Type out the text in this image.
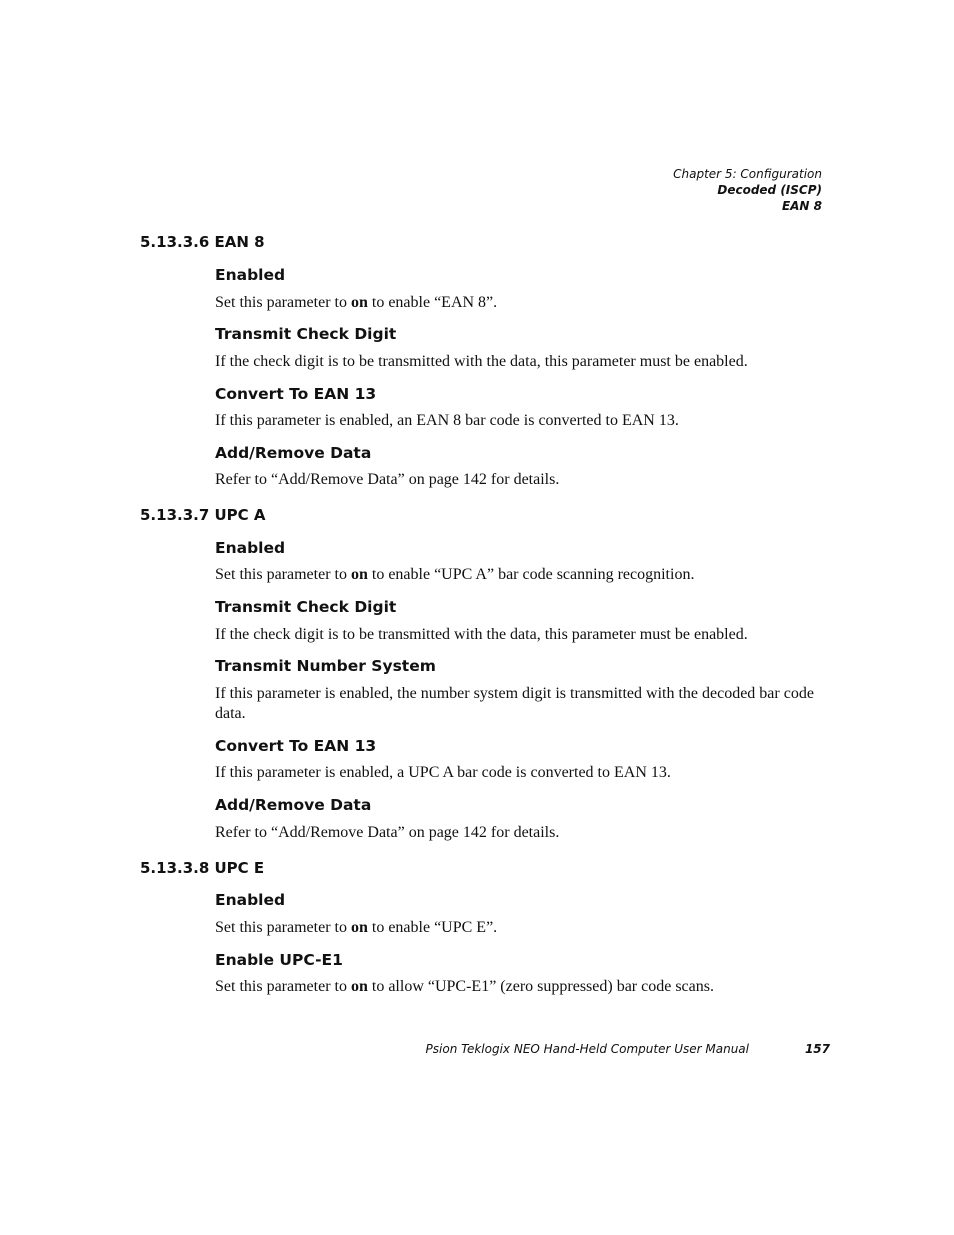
Chapter 5: Configuration
Decoded (ISCP)
EAN 8
5.13.3.6 EAN 8
Enabled
Set this parameter to on to enable “EAN 8”.
Transmit Check Digit
If the check digit is to be transmitted with the data, this parameter must be enabled.
Convert To EAN 13
If this parameter is enabled, an EAN 8 bar code is converted to EAN 13.
Add/Remove Data
Refer to “Add/Remove Data” on page 142 for details.
5.13.3.7 UPC A
Enabled
Set this parameter to on to enable “UPC A” bar code scanning recognition.
Transmit Check Digit
If the check digit is to be transmitted with the data, this parameter must be enabled.
Transmit Number System
If this parameter is enabled, the number system digit is transmitted with the decoded bar code data.
Convert To EAN 13
If this parameter is enabled, a UPC A bar code is converted to EAN 13.
Add/Remove Data
Refer to “Add/Remove Data” on page 142 for details.
5.13.3.8 UPC E
Enabled
Set this parameter to on to enable “UPC E”.
Enable UPC-E1
Set this parameter to on to allow “UPC-E1” (zero suppressed) bar code scans.
Psion Teklogix NEO Hand-Held Computer User Manual	157
